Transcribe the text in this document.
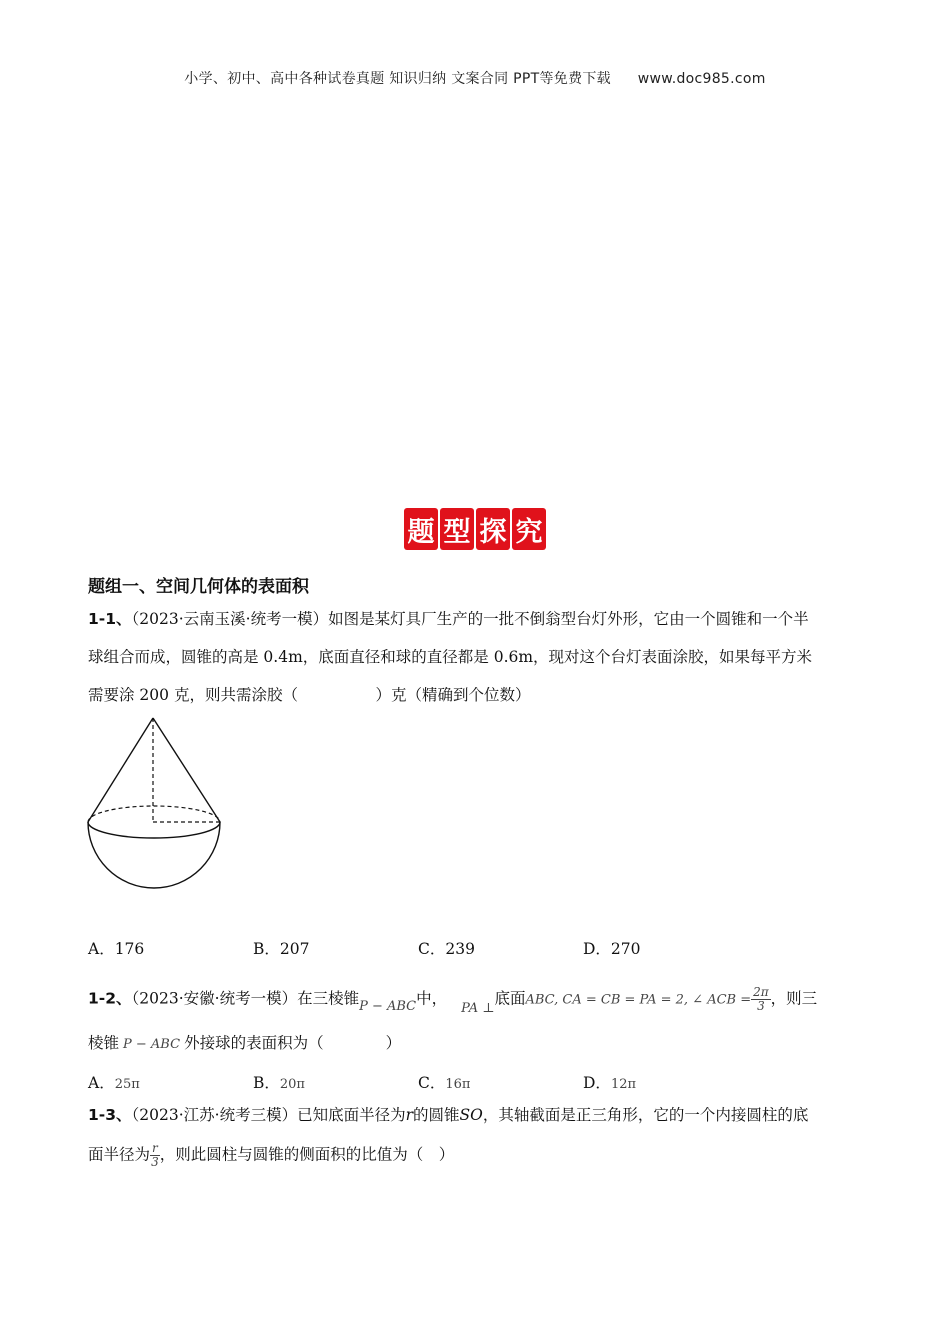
小学、初中、高中各种试卷真题 知识归纳 文案合同 PPT等免费下载 www.doc985.com
题 型 探 究
题组一、空间几何体的表面积
1-1、（2023·云南玉溪·统考一模）如图是某灯具厂生产的一批不倒翁型台灯外形，它由一个圆锥和一个半
球组合而成，圆锥的高是 0.4m，底面直径和球的直径都是 0.6m，现对这个台灯表面涂胶，如果每平方米
需要涂 200 克，则共需涂胶（　　　　　）克（精确到个位数）
A．176	B．207	C．239	D．270
1-2、（2023·安徽·统考一模）在三棱锥$_{P - ABC}$中，$_{PA \perp}$底面ABC, CA = CB = PA = 2, ∠ ACB = $\frac{2\pi}{3}$ ，则三
棱锥 P − ABC 外接球的表面积为（　　　　）
A．25π	B．20π	C．16π	D．12π
1-3、（2023·江苏·统考三模）已知底面半径为r的圆锥SO，其轴截面是正三角形，它的一个内接圆柱的底
面半径为 $\frac{r}{3}$ ，则此圆柱与圆锥的侧面积的比值为（　）
